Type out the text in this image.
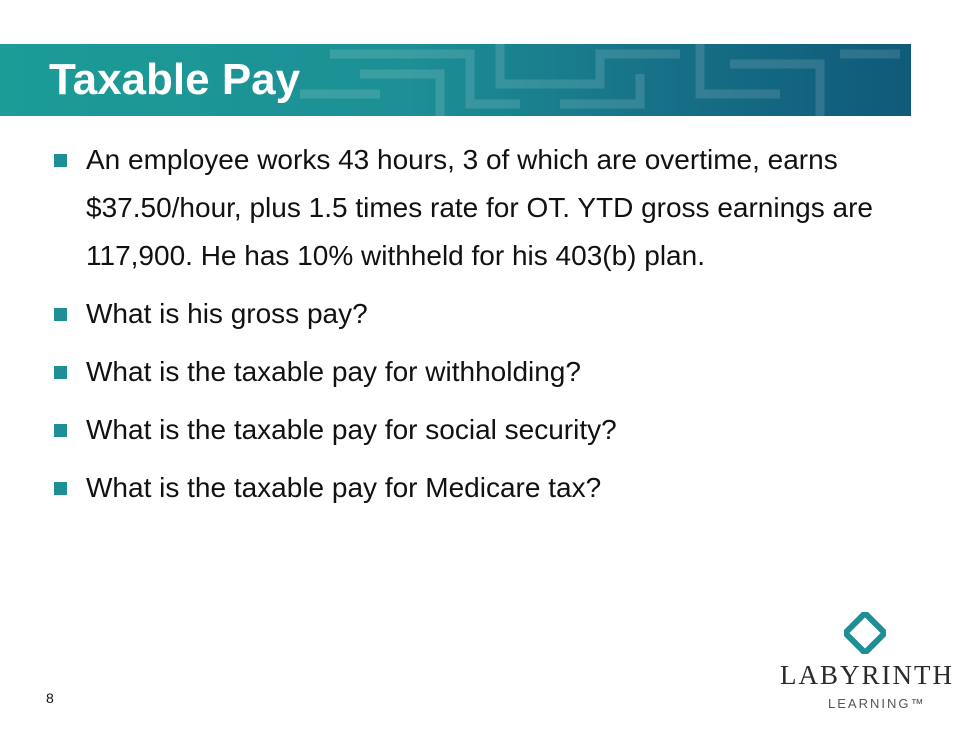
Taxable Pay
An employee works 43 hours, 3 of which are overtime, earns $37.50/hour, plus 1.5 times rate for OT. YTD gross earnings are 117,900. He has 10% withheld for his 403(b) plan.
What is his gross pay?
What is the taxable pay for withholding?
What is the taxable pay for social security?
What is the taxable pay for Medicare tax?
8
LABYRINTH
LEARNING™
